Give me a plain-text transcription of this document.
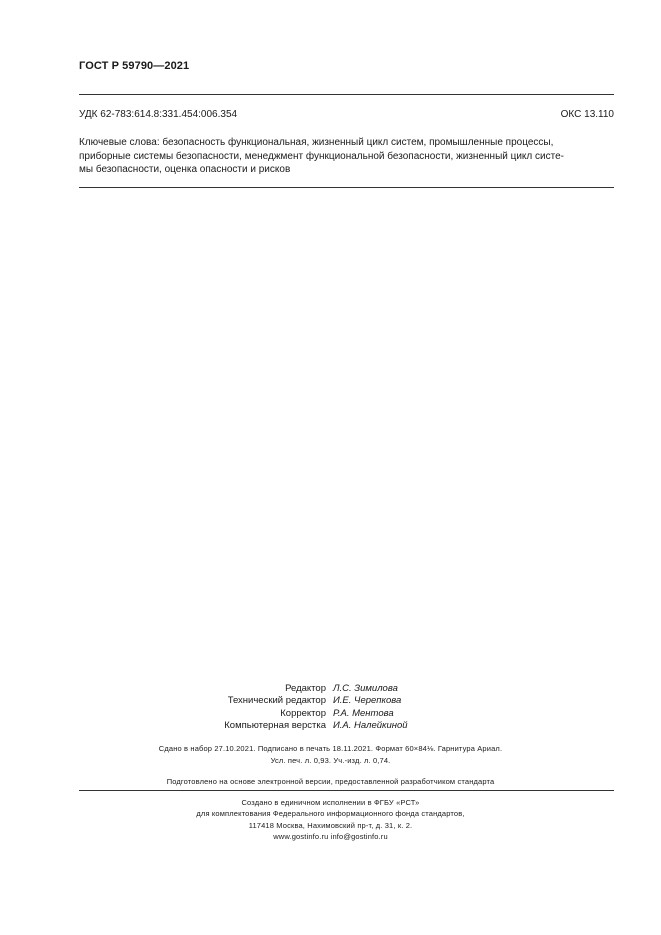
ГОСТ Р 59790—2021
УДК 62-783:614.8:331.454:006.354	ОКС 13.110
Ключевые слова: безопасность функциональная, жизненный цикл систем, промышленные процессы,
приборные системы безопасности, менеджмент функциональной безопасности, жизненный цикл систе-
мы безопасности, оценка опасности и рисков
Редактор Л.С. Зимилова
Технический редактор И.Е. Черепкова
Корректор Р.А. Ментова
Компьютерная верстка И.А. Налейкиной
Сдано в набор 27.10.2021. Подписано в печать 18.11.2021. Формат 60×84⅛. Гарнитура Ариал.
Усл. печ. л. 0,93. Уч.-изд. л. 0,74.
Подготовлено на основе электронной версии, предоставленной разработчиком стандарта
Создано в единичном исполнении в ФГБУ «РСТ»
для комплектования Федерального информационного фонда стандартов,
117418 Москва, Нахимовский пр-т, д. 31, к. 2.
www.gostinfo.ru info@gostinfo.ru
